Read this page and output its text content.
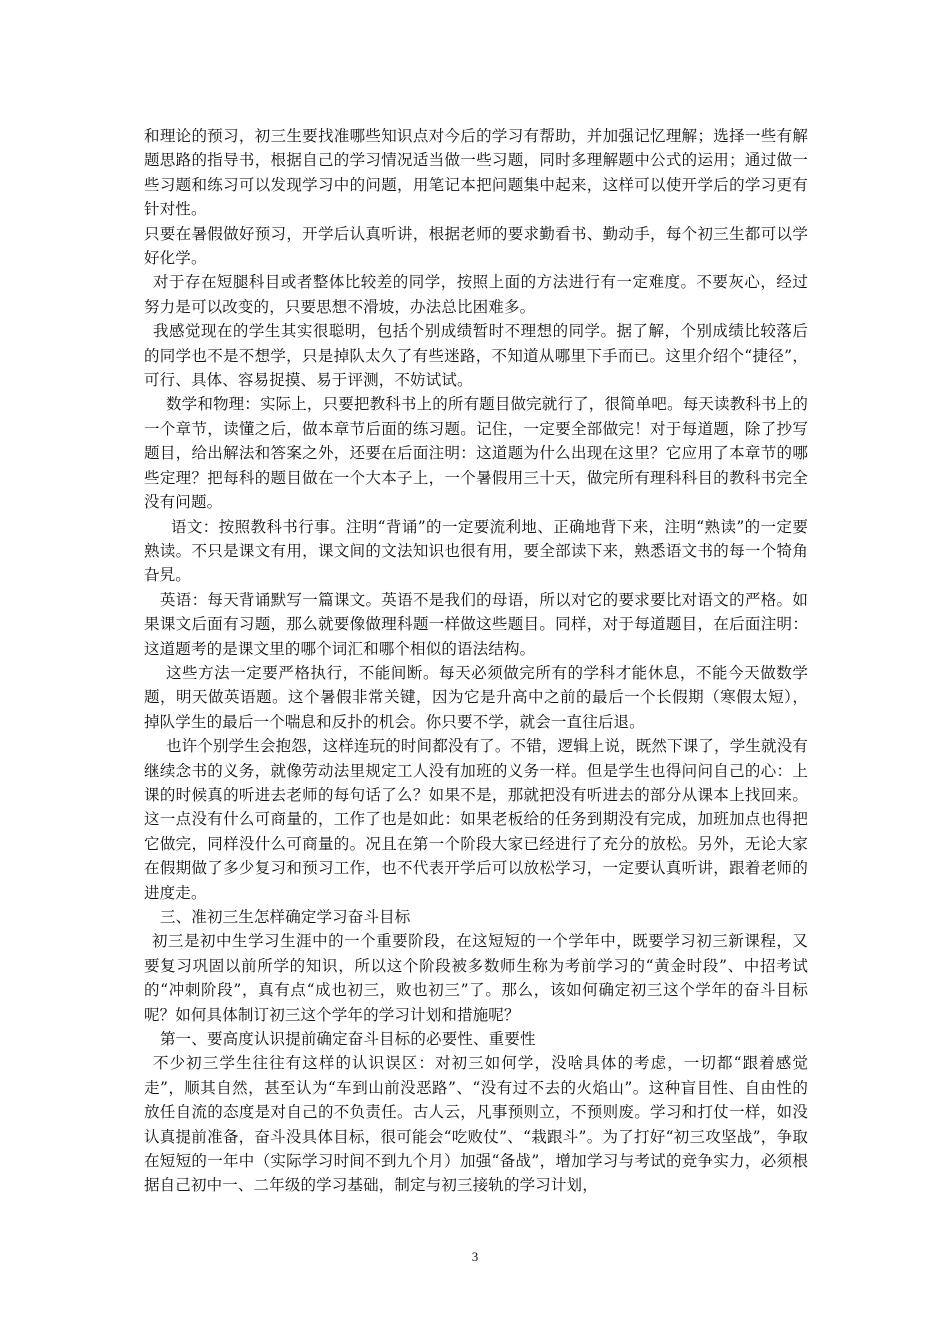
和理论的预习，初三生要找准哪些知识点对今后的学习有帮助，并加强记忆理解；选择一些有解题思路的指导书，根据自己的学习情况适当做一些习题，同时多理解题中公式的运用；通过做一些习题和练习可以发现学习中的问题，用笔记本把问题集中起来，这样可以使开学后的学习更有针对性。

只要在暑假做好预习，开学后认真听讲，根据老师的要求勤看书、勤动手，每个初三生都可以学好化学。

对于存在短腿科目或者整体比较差的同学，按照上面的方法进行有一定难度。不要灰心，经过努力是可以改变的，只要思想不滑坡，办法总比困难多。

我感觉现在的学生其实很聪明，包括个别成绩暂时不理想的同学。据了解，个别成绩比较落后的同学也不是不想学，只是掉队太久了有些迷路，不知道从哪里下手而已。这里介绍个“捷径”，可行、具体、容易捉摸、易于评测，不妨试试。

数学和物理：实际上，只要把教科书上的所有题目做完就行了，很简单吧。每天读教科书上的一个章节，读懂之后，做本章节后面的练习题。记住，一定要全部做完！对于每道题，除了抄写题目，给出解法和答案之外，还要在后面注明：这道题为什么出现在这里？它应用了本章节的哪些定理？把每科的题目做在一个大本子上，一个暑假用三十天，做完所有理科科目的教科书完全没有问题。

语文：按照教科书行事。注明“背诵”的一定要流利地、正确地背下来，注明“熟读”的一定要熟读。不只是课文有用，课文间的文法知识也很有用，要全部读下来，熟悉语文书的每一个犄角旮旯。

英语：每天背诵默写一篇课文。英语不是我们的母语，所以对它的要求要比对语文的严格。如果课文后面有习题，那么就要像做理科题一样做这些题目。同样，对于每道题目，在后面注明：这道题考的是课文里的哪个词汇和哪个相似的语法结构。

这些方法一定要严格执行，不能间断。每天必须做完所有的学科才能休息，不能今天做数学题，明天做英语题。这个暑假非常关键，因为它是升高中之前的最后一个长假期（寒假太短），掉队学生的最后一个喘息和反扑的机会。你只要不学，就会一直往后退。

也许个别学生会抱怨，这样连玩的时间都没有了。不错，逻辑上说，既然下课了，学生就没有继续念书的义务，就像劳动法里规定工人没有加班的义务一样。但是学生也得问问自己的心：上课的时候真的听进去老师的每句话了么？如果不是，那就把没有听进去的部分从课本上找回来。这一点没有什么可商量的，工作了也是如此：如果老板给的任务到期没有完成，加班加点也得把它做完，同样没什么可商量的。况且在第一个阶段大家已经进行了充分的放松。另外，无论大家在假期做了多少复习和预习工作，也不代表开学后可以放松学习，一定要认真听讲，跟着老师的进度走。

三、准初三生怎样确定学习奋斗目标

初三是初中生学习生涯中的一个重要阶段，在这短短的一个学年中，既要学习初三新课程，又要复习巩固以前所学的知识，所以这个阶段被多数师生称为考前学习的“黄金时段”、中招考试的“冲刺阶段”，真有点“成也初三，败也初三”了。那么，该如何确定初三这个学年的奋斗目标呢？如何具体制订初三这个学年的学习计划和措施呢？

第一、要高度认识提前确定奋斗目标的必要性、重要性

不少初三学生往往有这样的认识误区：对初三如何学，没啥具体的考虑，一切都“跟着感觉走”，顺其自然，甚至认为“车到山前没恶路”、“没有过不去的火焰山”。这种盲目性、自由性的放任自流的态度是对自己的不负责任。古人云，凡事预则立，不预则废。学习和打仗一样，如没认真提前准备，奋斗没具体目标，很可能会“吃败仗”、“栽跟斗”。为了打好“初三攻坚战”，争取在短短的一年中（实际学习时间不到九个月）加强“备战”，增加学习与考试的竞争实力，必须根据自己初中一、二年级的学习基础，制定与初三接轨的学习计划，

3
